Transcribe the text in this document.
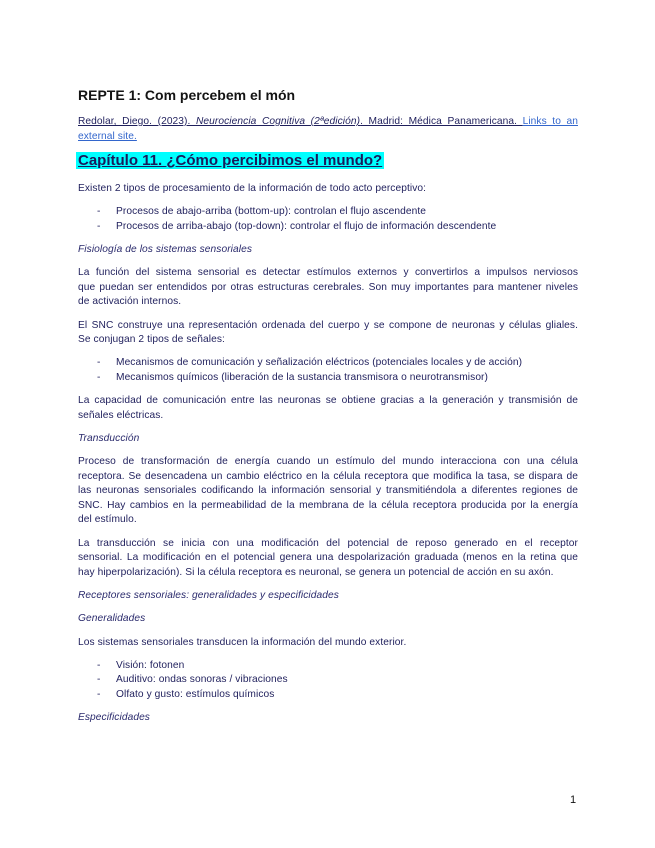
REPTE 1: Com percebem el món

Redolar, Diego. (2023). Neurociencia Cognitiva (2ªedición). Madrid: Médica Panamericana. Links to an external site.

Capítulo 11. ¿Cómo percibimos el mundo?

Existen 2 tipos de procesamiento de la información de todo acto perceptivo:

- Procesos de abajo-arriba (bottom-up): controlan el flujo ascendente
- Procesos de arriba-abajo (top-down): controlar el flujo de información descendente

Fisiología de los sistemas sensoriales

La función del sistema sensorial es detectar estímulos externos y convertirlos a impulsos nerviosos
que puedan ser entendidos por otras estructuras cerebrales. Son muy importantes para mantener niveles
de activación internos.
El SNC construye una representación ordenada del cuerpo y se compone de neuronas y células gliales.
Se conjugan 2 tipos de señales:
- Mecanismos de comunicación y señalización eléctricos (potenciales locales y de acción)
- Mecanismos químicos (liberación de la sustancia transmisora o neurotransmisor)
La capacidad de comunicación entre las neuronas se obtiene gracias a la generación y transmisión de
señales eléctricas.

Transducción

Proceso de transformación de energía cuando un estímulo del mundo interacciona con una célula
receptora. Se desencadena un cambio eléctrico en la célula receptora que modifica la tasa, se dispara de
las neuronas sensoriales codificando la información sensorial y transmitiéndola a diferentes regiones de
SNC. Hay cambios en la permeabilidad de la membrana de la célula receptora producida por la energía
del estímulo.
La transducción se inicia con una modificación del potencial de reposo generado en el receptor
sensorial. La modificación en el potencial genera una despolarización graduada (menos en la retina que
hay hiperpolarización). Si la célula receptora es neuronal, se genera un potencial de acción en su axón.

Receptores sensoriales: generalidades y especificidades

Generalidades

Los sistemas sensoriales transducen la información del mundo exterior.

- Visión: fotonen
- Auditivo: ondas sonoras / vibraciones
- Olfato y gusto: estímulos químicos

Especificidades

1
